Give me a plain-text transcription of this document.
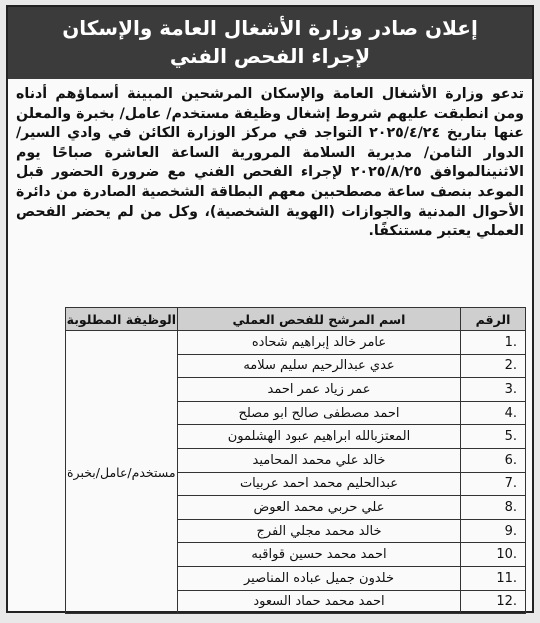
إعلان صادر وزارة الأشغال العامة والإسكان
لإجراء الفحص الفني
تدعو وزارة الأشغال العامة والإسكان المرشحين المبينة أسماؤهم أدناه ومن انطبقت عليهم شروط إشغال وظيفة مستخدم/ عامل/ بخبرة والمعلن عنها بتاريخ ٢٠٢٥/٤/٢٤ التواجد في مركز الوزارة الكائن في وادي السير/ الدوار الثامن/ مديرية السلامة المرورية الساعة العاشرة صباحًا يوم الاثنينالموافق ٢٠٢٥/٨/٢٥ لإجراء الفحص الفني مع ضرورة الحضور قبل الموعد بنصف ساعة مصطحبين معهم البطاقة الشخصية الصادرة من دائرة الأحوال المدنية والجوازات (الهوية الشخصية)، وكل من لم يحضر الفحص العملي يعتبر مستنكفًا.
الرقم	اسم المرشح للفحص العملي	الوظيفة المطلوبة
1.	عامر خالد إبراهيم شحاده	مستخدم/عامل/بخبرة
2.	عدي عبدالرحيم سليم سلامه	
3.	عمر زياد عمر احمد	
4.	احمد مصطفى صالح ابو مصلح	
5.	المعتزبالله ابراهيم عبود الهشلمون	
6.	خالد علي محمد المحاميد	
7.	عبدالحليم محمد احمد عربيات	
8.	علي حربي محمد العوض	
9.	خالد محمد مجلي الفرج	
10.	احمد محمد حسين قواقبه	
11.	خلدون جميل عباده المناصير	
12.	احمد محمد حماد السعود	
